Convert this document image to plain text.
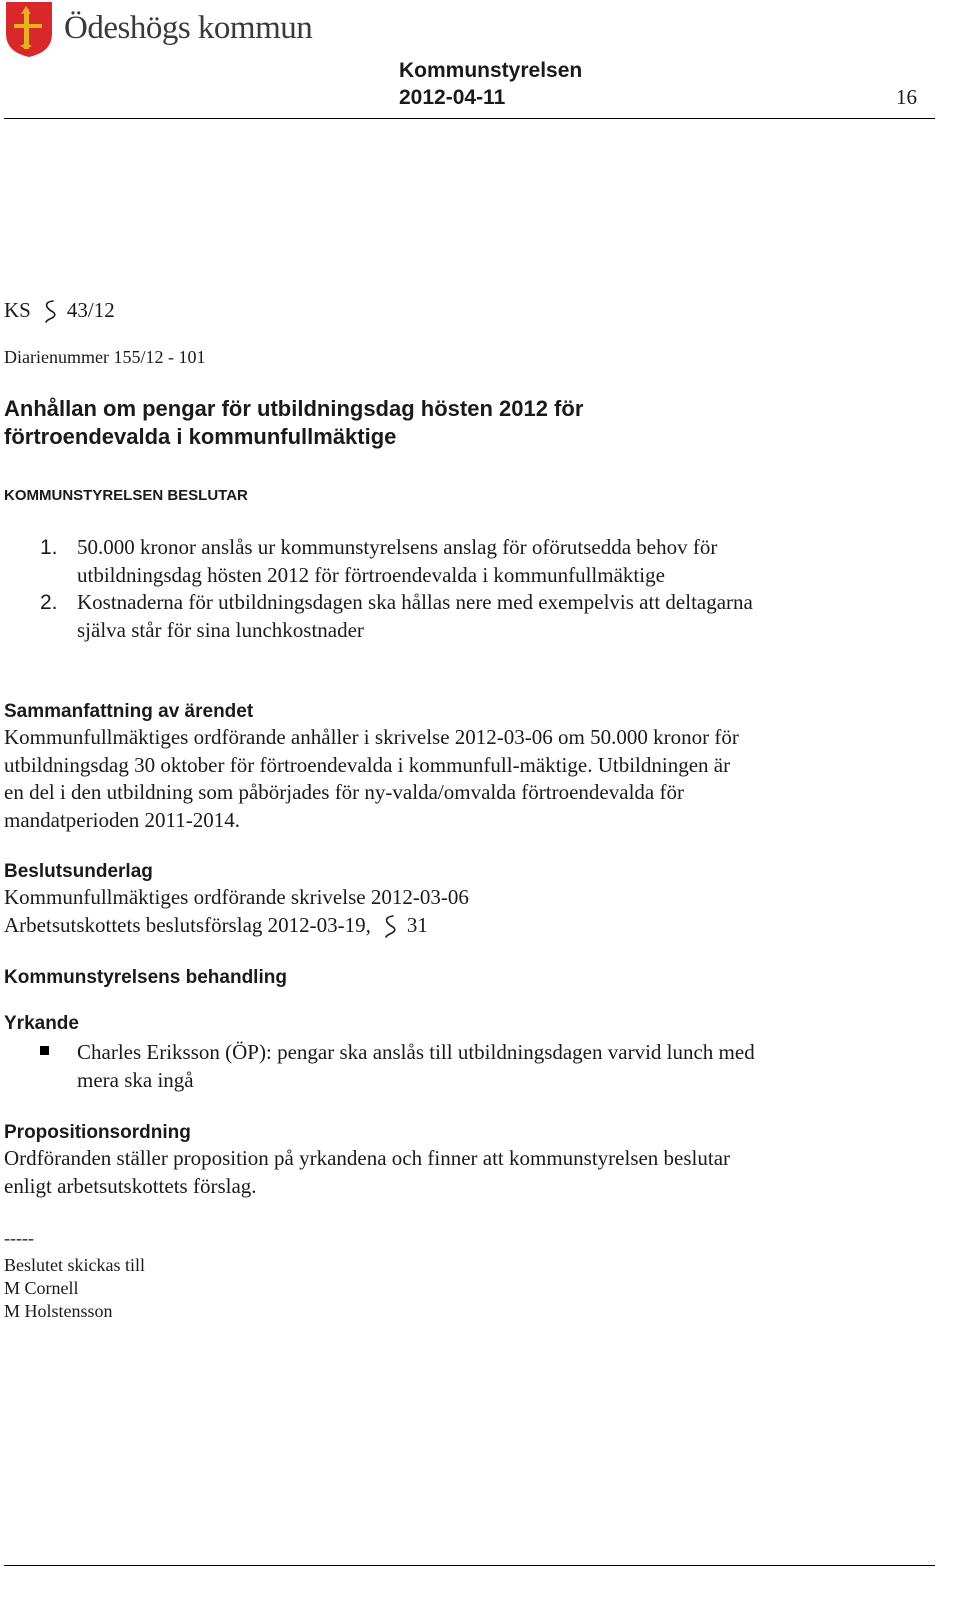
Ödeshögs kommun
Kommunstyrelsen
2012-04-11	16
KS 43/12
Diarienummer 155/12 - 101
Anhållan om pengar för utbildningsdag hösten 2012 för förtroendevalda i kommunfullmäktige
KOMMUNSTYRELSEN BESLUTAR
1. 50.000 kronor anslås ur kommunstyrelsens anslag för oförutsedda behov för utbildningsdag hösten 2012 för förtroendevalda i kommunfullmäktige
2. Kostnaderna för utbildningsdagen ska hållas nere med exempelvis att deltagarna själva står för sina lunchkostnader
Sammanfattning av ärendet
Kommunfullmäktiges ordförande anhåller i skrivelse 2012-03-06 om 50.000 kronor för utbildningsdag 30 oktober för förtroendevalda i kommunfull-mäktige. Utbildningen är en del i den utbildning som påbörjades för ny-valda/omvalda förtroendevalda för mandatperioden 2011-2014.
Beslutsunderlag
Kommunfullmäktiges ordförande skrivelse 2012-03-06
Arbetsutskottets beslutsförslag 2012-03-19, 31
Kommunstyrelsens behandling
Yrkande
Charles Eriksson (ÖP): pengar ska anslås till utbildningsdagen varvid lunch med mera ska ingå
Propositionsordning
Ordföranden ställer proposition på yrkandena och finner att kommunstyrelsen beslutar enligt arbetsutskottets förslag.
-----
Beslutet skickas till
M Cornell
M Holstensson
